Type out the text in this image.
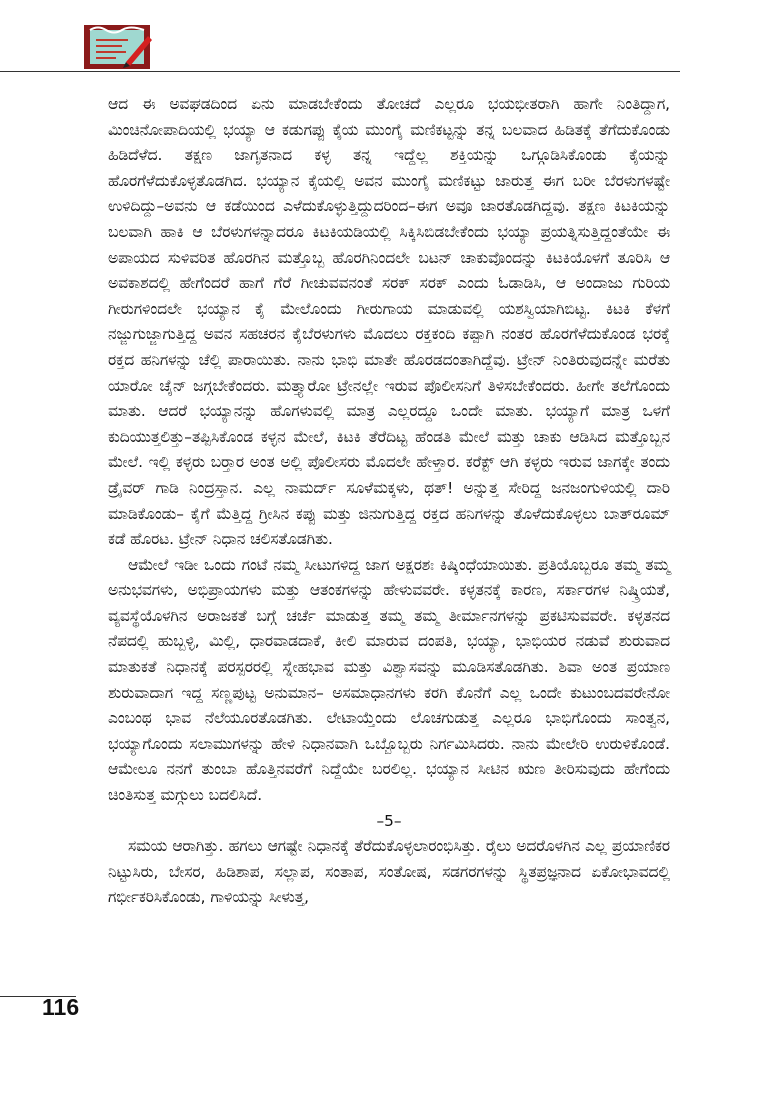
ಆದ ಈ ಅವಘಡದಿಂದ ಏನು ಮಾಡಬೇಕೆಂದು ತೋಚದೆ ಎಲ್ಲರೂ ಭಯಭೀತರಾಗಿ ಹಾಗೇ ನಿಂತಿದ್ದಾಗ, ಮಿಂಚಿನೋಪಾದಿಯಲ್ಲಿ ಭಯ್ಯಾ ಆ ಕಡುಗಪ್ಪು ಕೈಯ ಮುಂಗೈ ಮಣಿಕಟ್ಟನ್ನು ತನ್ನ ಬಲವಾದ ಹಿಡಿತಕ್ಕೆ ತೆಗೆದುಕೊಂಡು ಹಿಡಿದೆಳೆದ. ತಕ್ಷಣ ಜಾಗೃತನಾದ ಕಳ್ಳ ತನ್ನ ಇದ್ದೆಲ್ಲ ಶಕ್ತಿಯನ್ನು ಒಗ್ಗೂಡಿಸಿಕೊಂಡು ಕೈಯನ್ನು ಹೊರಗೆಳೆದುಕೊಳ್ಳತೊಡಗಿದ. ಭಯ್ಯಾನ ಕೈಯಲ್ಲಿ ಅವನ ಮುಂಗೈ ಮಣಿಕಟ್ಟು ಜಾರುತ್ತ ಈಗ ಬರೀ ಬೆರಳುಗಳಷ್ಟೇ ಉಳಿದಿದ್ದು–ಅವನು ಆ ಕಡೆಯಿಂದ ಎಳೆದುಕೊಳ್ಳುತ್ತಿದ್ದುದರಿಂದ–ಈಗ ಅವೂ ಜಾರತೊಡಗಿದ್ದವು. ತಕ್ಷಣ ಕಿಟಕಿಯನ್ನು ಬಲವಾಗಿ ಹಾಕಿ ಆ ಬೆರಳುಗಳನ್ನಾದರೂ ಕಿಟಕಿಯಡಿಯಲ್ಲಿ ಸಿಕ್ಕಿಸಿಬಿಡಬೇಕೆಂದು ಭಯ್ಯಾ ಪ್ರಯತ್ನಿಸುತ್ತಿದ್ದಂತೆಯೇ ಈ ಅಪಾಯದ ಸುಳಿವರಿತ ಹೊರಗಿನ ಮತ್ತೊಬ್ಬ ಹೊರಗಿನಿಂದಲೇ ಬಟನ್ ಚಾಕುವೊಂದನ್ನು ಕಿಟಕಿಯೊಳಗೆ ತೂರಿಸಿ ಆ ಅವಕಾಶದಲ್ಲಿ ಹೇಗೆಂದರೆ ಹಾಗೆ ಗೆರೆ ಗೀಚುವವನಂತೆ ಸರಕ್ ಸರಕ್ ಎಂದು ಓಡಾಡಿಸಿ, ಆ ಅಂದಾಜು ಗುರಿಯ ಗೀರುಗಳಿಂದಲೇ ಭಯ್ಯಾನ ಕೈ ಮೇಲೊಂದು ಗೀರುಗಾಯ ಮಾಡುವಲ್ಲಿ ಯಶಸ್ವಿಯಾಗಿಬಿಟ್ಟ. ಕಿಟಕಿ ಕೆಳಗೆ ನಜ್ಜುಗುಜ್ಜಾಗುತ್ತಿದ್ದ ಅವನ ಸಹಚರನ ಕೈಬೆರಳುಗಳು ಮೊದಲು ರಕ್ತಕಂದಿ ಕಪ್ಪಾಗಿ ನಂತರ ಹೊರಗೆಳೆದುಕೊಂಡ ಭರಕ್ಕೆ ರಕ್ತದ ಹನಿಗಳನ್ನು ಚೆಲ್ಲಿ ಪಾರಾಯಿತು. ನಾನು ಭಾಭಿ ಮಾತೇ ಹೊರಡದಂತಾಗಿದ್ದೆವು. ಟ್ರೇನ್ ನಿಂತಿರುವುದನ್ನೇ ಮರೆತು ಯಾರೋ ಚೈನ್ ಜಗ್ಗಬೇಕೆಂದರು. ಮತ್ತ್ಯಾರೋ ಟ್ರೇನಲ್ಲೇ ಇರುವ ಪೊಲೀಸನಿಗೆ ತಿಳಿಸಬೇಕೆಂದರು. ಹೀಗೇ ತಲೆಗೊಂದು ಮಾತು. ಆದರೆ ಭಯ್ಯಾನನ್ನು ಹೊಗಳುವಲ್ಲಿ ಮಾತ್ರ ಎಲ್ಲರದ್ದೂ ಒಂದೇ ಮಾತು. ಭಯ್ಯಾಗೆ ಮಾತ್ರ ಒಳಗೆ ಕುದಿಯುತ್ತಲಿತ್ತು–ತಪ್ಪಿಸಿಕೊಂಡ ಕಳ್ಳನ ಮೇಲೆ, ಕಿಟಕಿ ತೆರೆದಿಟ್ಟ ಹೆಂಡತಿ ಮೇಲೆ ಮತ್ತು ಚಾಕು ಆಡಿಸಿದ ಮತ್ತೊಬ್ಬನ ಮೇಲೆ. ಇಲ್ಲಿ ಕಳ್ಳರು ಬರ್‍ತಾರ ಅಂತ ಅಲ್ಲಿ ಪೊಲೀಸರು ಮೊದಲೇ ಹೇಳ್ತಾರ. ಕರೆಕ್ಟ್ ಆಗಿ ಕಳ್ಳರು ಇರುವ ಜಾಗಕ್ಕೇ ತಂದು ಡ್ರೈವರ್ ಗಾಡಿ ನಿಂದ್ರಸ್ತಾನ. ಎಲ್ಲ ನಾಮರ್ದ್ ಸೂಳೆಮಕ್ಕಳು, ಥತ್! ಅನ್ನುತ್ತ ಸೇರಿದ್ದ ಜನಜಂಗುಳಿಯಲ್ಲಿ ದಾರಿ ಮಾಡಿಕೊಂಡು– ಕೈಗೆ ಮೆತ್ತಿದ್ದ ಗ್ರೀಸಿನ ಕಪ್ಪು ಮತ್ತು ಜಿನುಗುತ್ತಿದ್ದ ರಕ್ತದ ಹನಿಗಳನ್ನು ತೊಳೆದುಕೊಳ್ಳಲು ಬಾತ್‌ರೂಮ್ ಕಡೆ ಹೊರಟ. ಟ್ರೇನ್ ನಿಧಾನ ಚಲಿಸತೊಡಗಿತು.

ಆಮೇಲೆ ಇಡೀ ಒಂದು ಗಂಟೆ ನಮ್ಮ ಸೀಟುಗಳಿದ್ದ ಜಾಗ ಅಕ್ಷರಶಃ ಕಿಷ್ಕಿಂಧೆಯಾಯಿತು. ಪ್ರತಿಯೊಬ್ಬರೂ ತಮ್ಮ ತಮ್ಮ ಅನುಭವಗಳು, ಅಭಿಪ್ರಾಯಗಳು ಮತ್ತು ಆತಂಕಗಳನ್ನು ಹೇಳುವವರೇ. ಕಳ್ಳತನಕ್ಕೆ ಕಾರಣ, ಸರ್ಕಾರಗಳ ನಿಷ್ಕ್ರಿಯತೆ, ವ್ಯವಸ್ಥೆಯೊಳಗಿನ ಅರಾಜಕತೆ ಬಗ್ಗೆ ಚರ್ಚೆ ಮಾಡುತ್ತ ತಮ್ಮ ತಮ್ಮ ತೀರ್ಮಾನಗಳನ್ನು ಪ್ರಕಟಿಸುವವರೇ. ಕಳ್ಳತನದ ನೆಪದಲ್ಲಿ ಹುಬ್ಬಳ್ಳಿ, ಮಿಲ್ಲಿ, ಧಾರವಾಡದಾಕೆ, ಕೀಲಿ ಮಾರುವ ದಂಪತಿ, ಭಯ್ಯಾ, ಭಾಭಿಯರ ನಡುವೆ ಶುರುವಾದ ಮಾತುಕತೆ ನಿಧಾನಕ್ಕೆ ಪರಸ್ಪರರಲ್ಲಿ ಸ್ನೇಹಭಾವ ಮತ್ತು ವಿಶ್ವಾಸವನ್ನು ಮೂಡಿಸತೊಡಗಿತು. ಶಿವಾ ಅಂತ ಪ್ರಯಾಣ ಶುರುವಾದಾಗ ಇದ್ದ ಸಣ್ಣಪುಟ್ಟ ಅನುಮಾನ– ಅಸಮಾಧಾನಗಳು ಕರಗಿ ಕೊನೆಗೆ ಎಲ್ಲ ಒಂದೇ ಕುಟುಂಬದವರೇನೋ ಎಂಬಂಥ ಭಾವ ನೆಲೆಯೂರತೊಡಗಿತು. ಲೇಟಾಯ್ತೆಂದು ಲೊಚಗುಡುತ್ತ ಎಲ್ಲರೂ ಭಾಭಿಗೊಂದು ಸಾಂತ್ವನ, ಭಯ್ಯಾಗೊಂದು ಸಲಾಮುಗಳನ್ನು ಹೇಳಿ ನಿಧಾನವಾಗಿ ಒಬ್ಬೊಬ್ಬರು ನಿರ್ಗಮಿಸಿದರು. ನಾನು ಮೇಲೇರಿ ಉರುಳಿಕೊಂಡೆ. ಆಮೇಲೂ ನನಗೆ ತುಂಬಾ ಹೊತ್ತಿನವರೆಗೆ ನಿದ್ದೆಯೇ ಬರಲಿಲ್ಲ. ಭಯ್ಯಾನ ಸೀಟಿನ ಋಣ ತೀರಿಸುವುದು ಹೇಗೆಂದು ಚಿಂತಿಸುತ್ತ ಮಗ್ಗುಲು ಬದಲಿಸಿದೆ.

–5–

ಸಮಯ ಆರಾಗಿತ್ತು. ಹಗಲು ಆಗಷ್ಟೇ ನಿಧಾನಕ್ಕೆ ತೆರೆದುಕೊಳ್ಳಲಾರಂಭಿಸಿತ್ತು. ರೈಲು ಅದರೊಳಗಿನ ಎಲ್ಲ ಪ್ರಯಾಣಿಕರ ನಿಟ್ಟುಸಿರು, ಬೇಸರ, ಹಿಡಿಶಾಪ, ಸಲ್ಲಾಪ, ಸಂತಾಪ, ಸಂತೋಷ, ಸಡಗರಗಳನ್ನು ಸ್ಥಿತಪ್ರಜ್ಞನಾದ ಏಕೋಭಾವದಲ್ಲಿ ಗರ್ಭೀಕರಿಸಿಕೊಂಡು, ಗಾಳಿಯನ್ನು ಸೀಳುತ್ತ,

116
